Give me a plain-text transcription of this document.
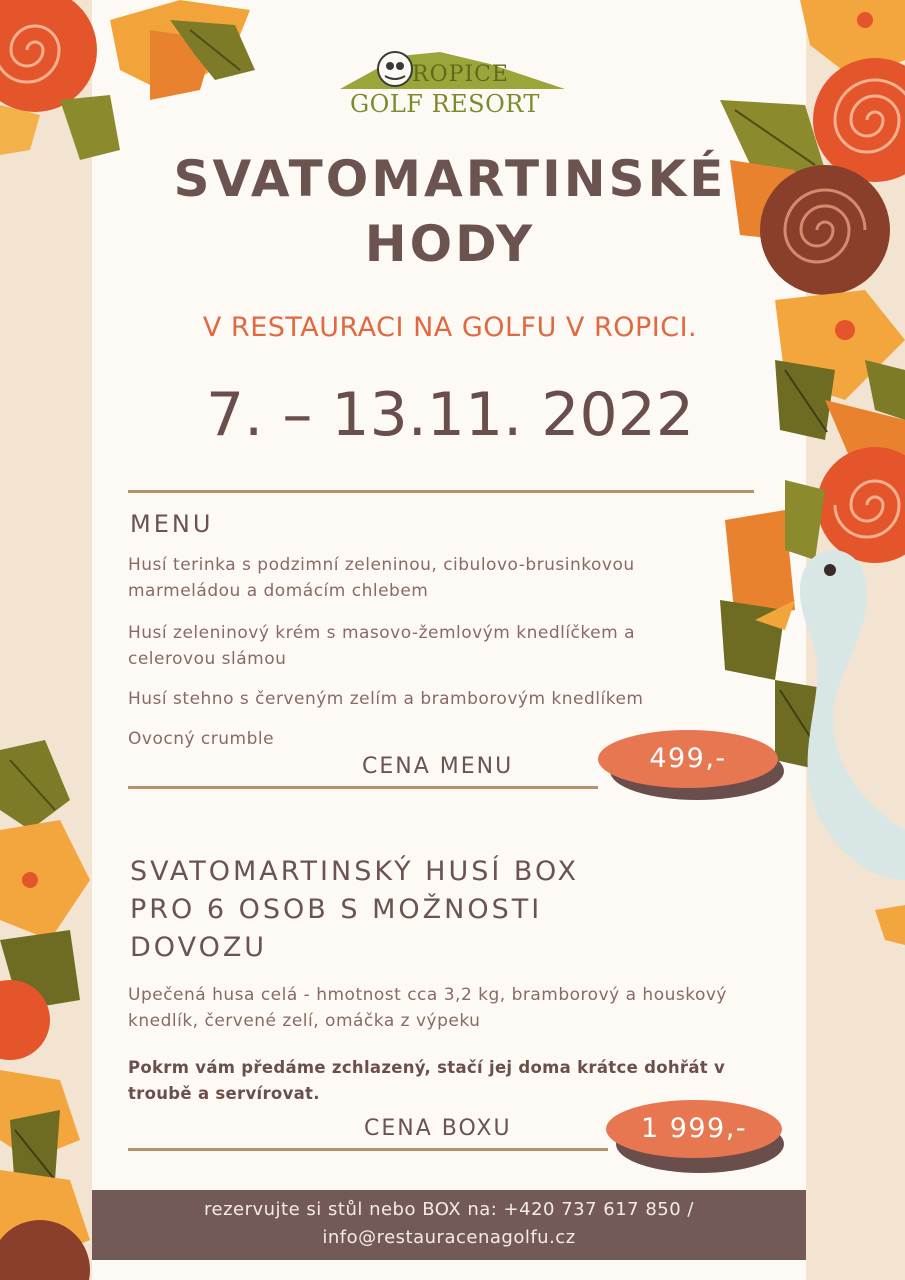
ROPICE
GOLF RESORT
SVATOMARTINSKÉ
HODY
V RESTAURACI NA GOLFU V ROPICI.
7. – 13.11. 2022
MENU
Husí terinka s podzimní zeleninou, cibulovo-brusinkovou marmeládou a domácím chlebem
Husí zeleninový krém s masovo-žemlovým knedlíčkem a celerovou slámou
Husí stehno s červeným zelím a bramborovým knedlíkem
Ovocný crumble
CENA MENU	499,-
SVATOMARTINSKÝ HUSÍ BOX
PRO 6 OSOB S MOŽNOSTI
DOVOZU
Upečená husa celá - hmotnost cca 3,2 kg, bramborový a houskový knedlík, červené zelí, omáčka z výpeku
Pokrm vám předáme zchlazený, stačí jej doma krátce dohřát v troubě a servírovat.
CENA BOXU	1 999,-
rezervujte si stůl nebo BOX na: +420 737 617 850 /
info@restauracenagolfu.cz
